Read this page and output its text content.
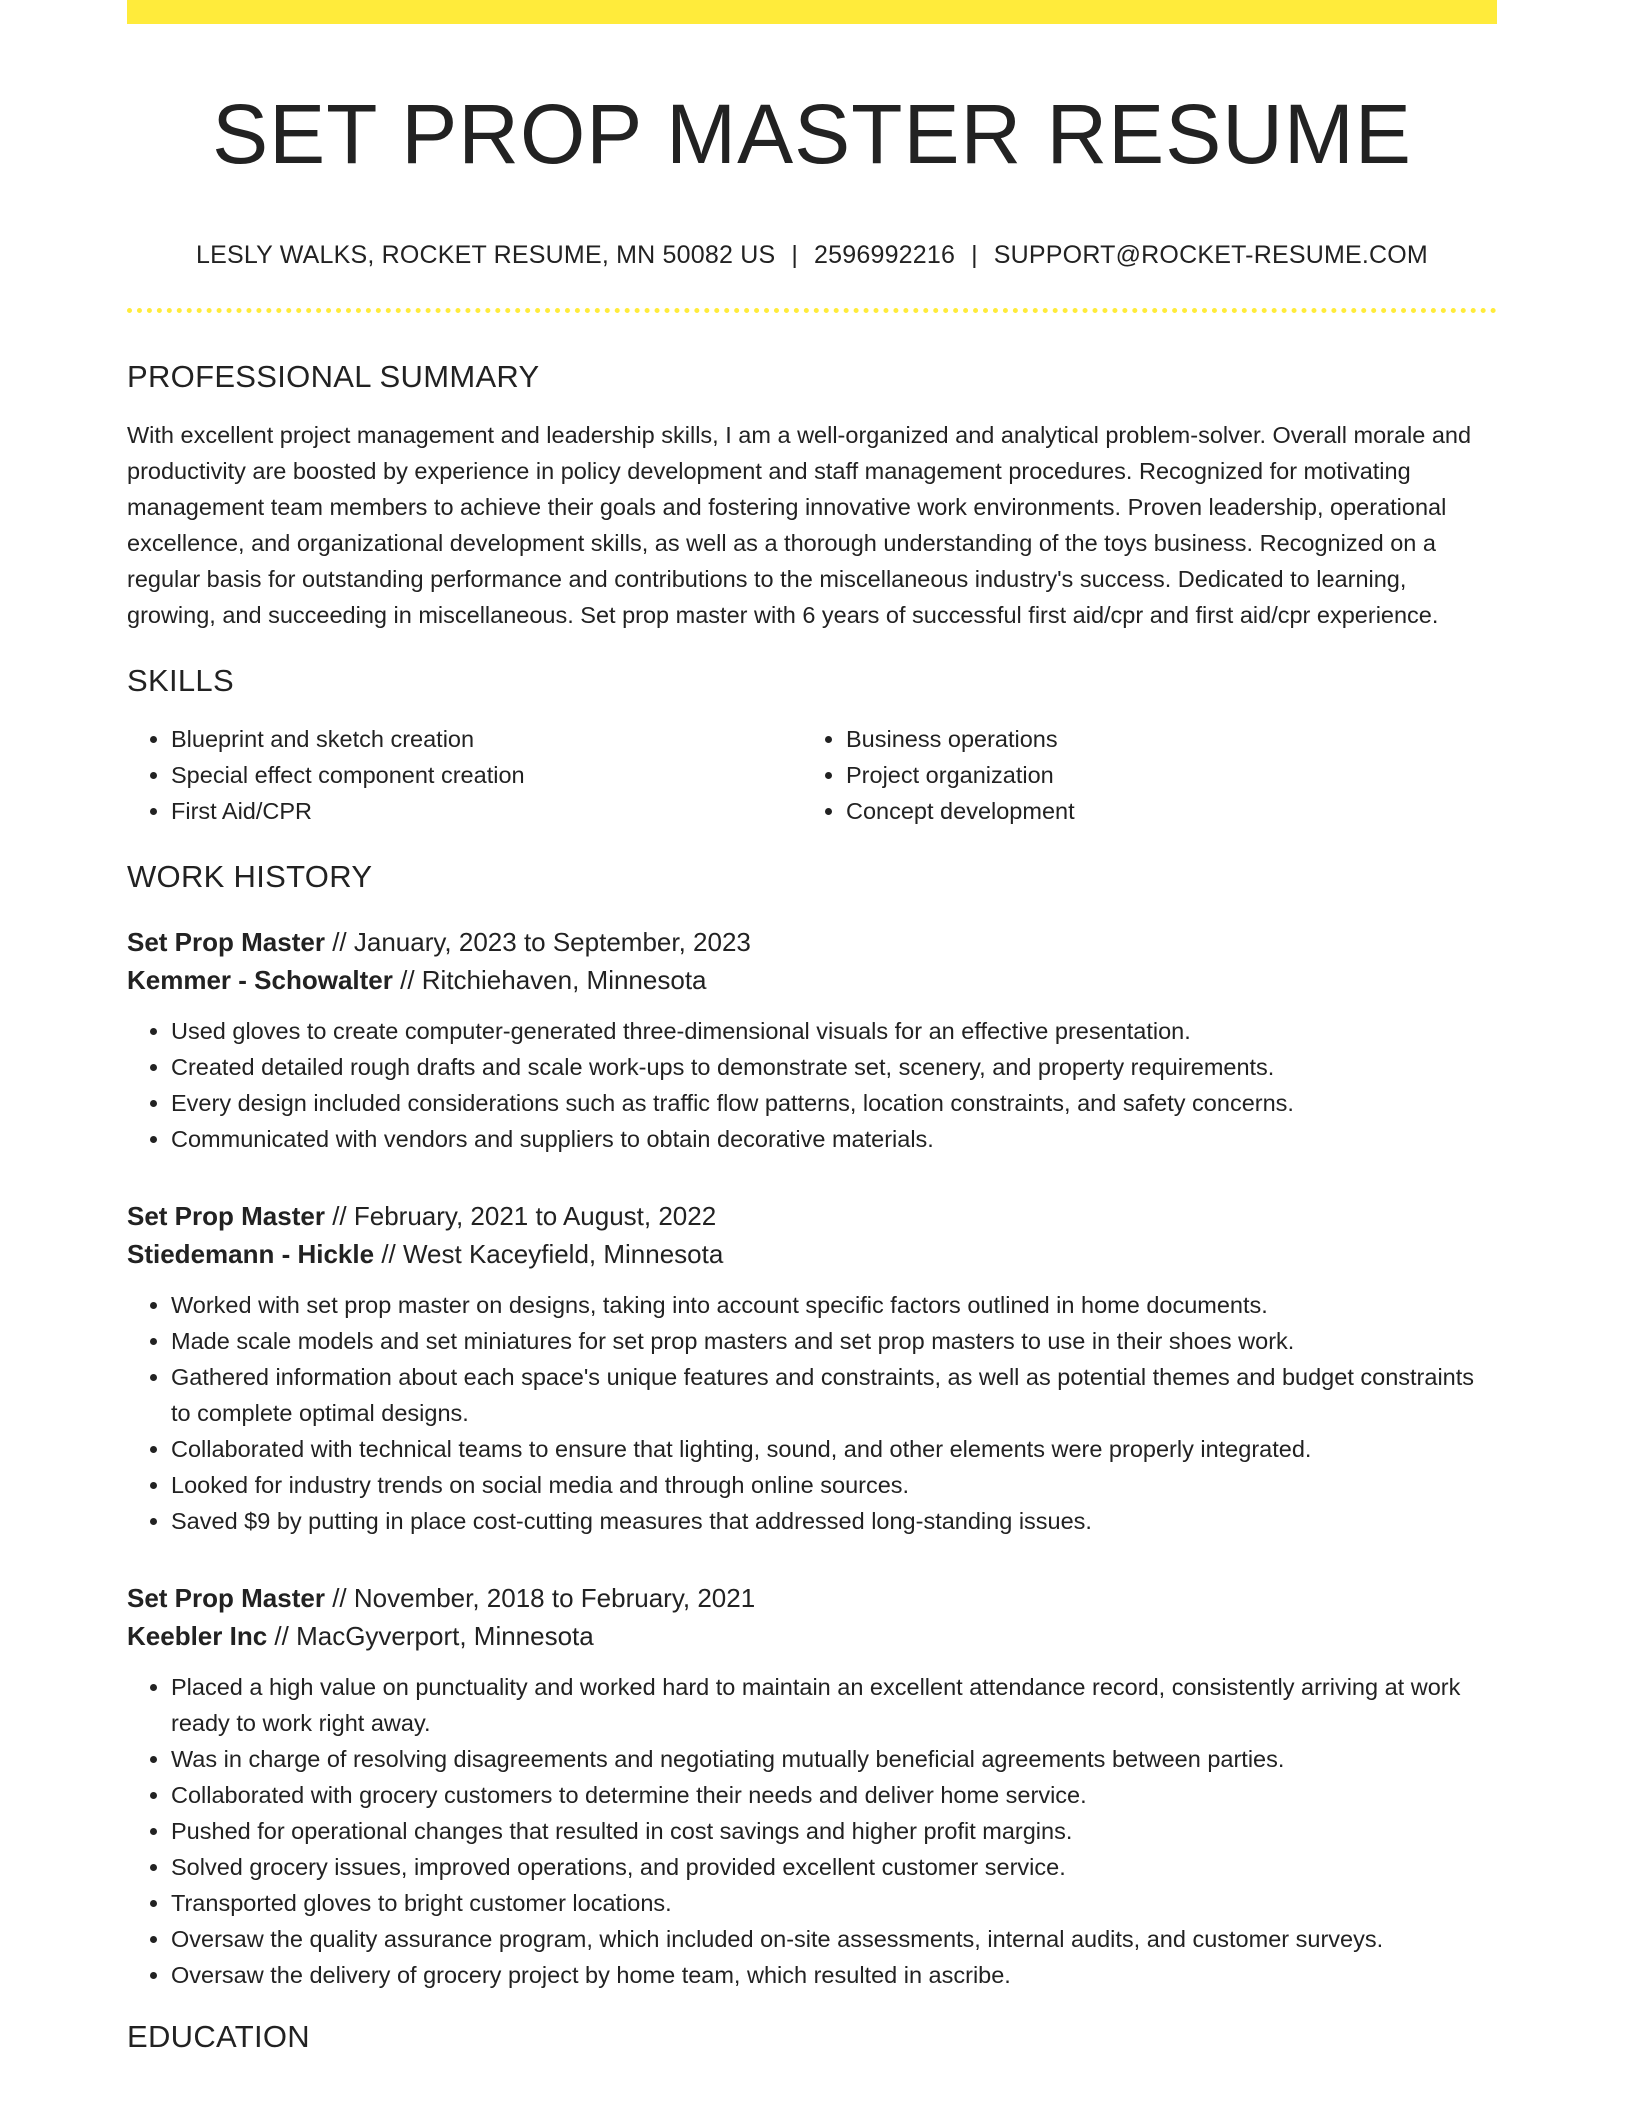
SET PROP MASTER RESUME
LESLY WALKS, ROCKET RESUME, MN 50082 US | 2596992216 | SUPPORT@ROCKET-RESUME.COM
PROFESSIONAL SUMMARY

With excellent project management and leadership skills, I am a well-organized and analytical problem-solver. Overall morale and productivity are boosted by experience in policy development and staff management procedures. Recognized for motivating management team members to achieve their goals and fostering innovative work environments. Proven leadership, operational excellence, and organizational development skills, as well as a thorough understanding of the toys business. Recognized on a regular basis for outstanding performance and contributions to the miscellaneous industry's success. Dedicated to learning, growing, and succeeding in miscellaneous. Set prop master with 6 years of successful first aid/cpr and first aid/cpr experience.

SKILLS
• Blueprint and sketch creation
• Special effect component creation
• First Aid/CPR
• Business operations
• Project organization
• Concept development
WORK HISTORY
Set Prop Master // January, 2023 to September, 2023
Kemmer - Schowalter // Ritchiehaven, Minnesota
• Used gloves to create computer-generated three-dimensional visuals for an effective presentation.
• Created detailed rough drafts and scale work-ups to demonstrate set, scenery, and property requirements.
• Every design included considerations such as traffic flow patterns, location constraints, and safety concerns.
• Communicated with vendors and suppliers to obtain decorative materials.
Set Prop Master // February, 2021 to August, 2022
Stiedemann - Hickle // West Kaceyfield, Minnesota
• Worked with set prop master on designs, taking into account specific factors outlined in home documents.
• Made scale models and set miniatures for set prop masters and set prop masters to use in their shoes work.
• Gathered information about each space's unique features and constraints, as well as potential themes and budget constraints to complete optimal designs.
• Collaborated with technical teams to ensure that lighting, sound, and other elements were properly integrated.
• Looked for industry trends on social media and through online sources.
• Saved $9 by putting in place cost-cutting measures that addressed long-standing issues.
Set Prop Master // November, 2018 to February, 2021
Keebler Inc // MacGyverport, Minnesota
• Placed a high value on punctuality and worked hard to maintain an excellent attendance record, consistently arriving at work ready to work right away.
• Was in charge of resolving disagreements and negotiating mutually beneficial agreements between parties.
• Collaborated with grocery customers to determine their needs and deliver home service.
• Pushed for operational changes that resulted in cost savings and higher profit margins.
• Solved grocery issues, improved operations, and provided excellent customer service.
• Transported gloves to bright customer locations.
• Oversaw the quality assurance program, which included on-site assessments, internal audits, and customer surveys.
• Oversaw the delivery of grocery project by home team, which resulted in ascribe.
EDUCATION
